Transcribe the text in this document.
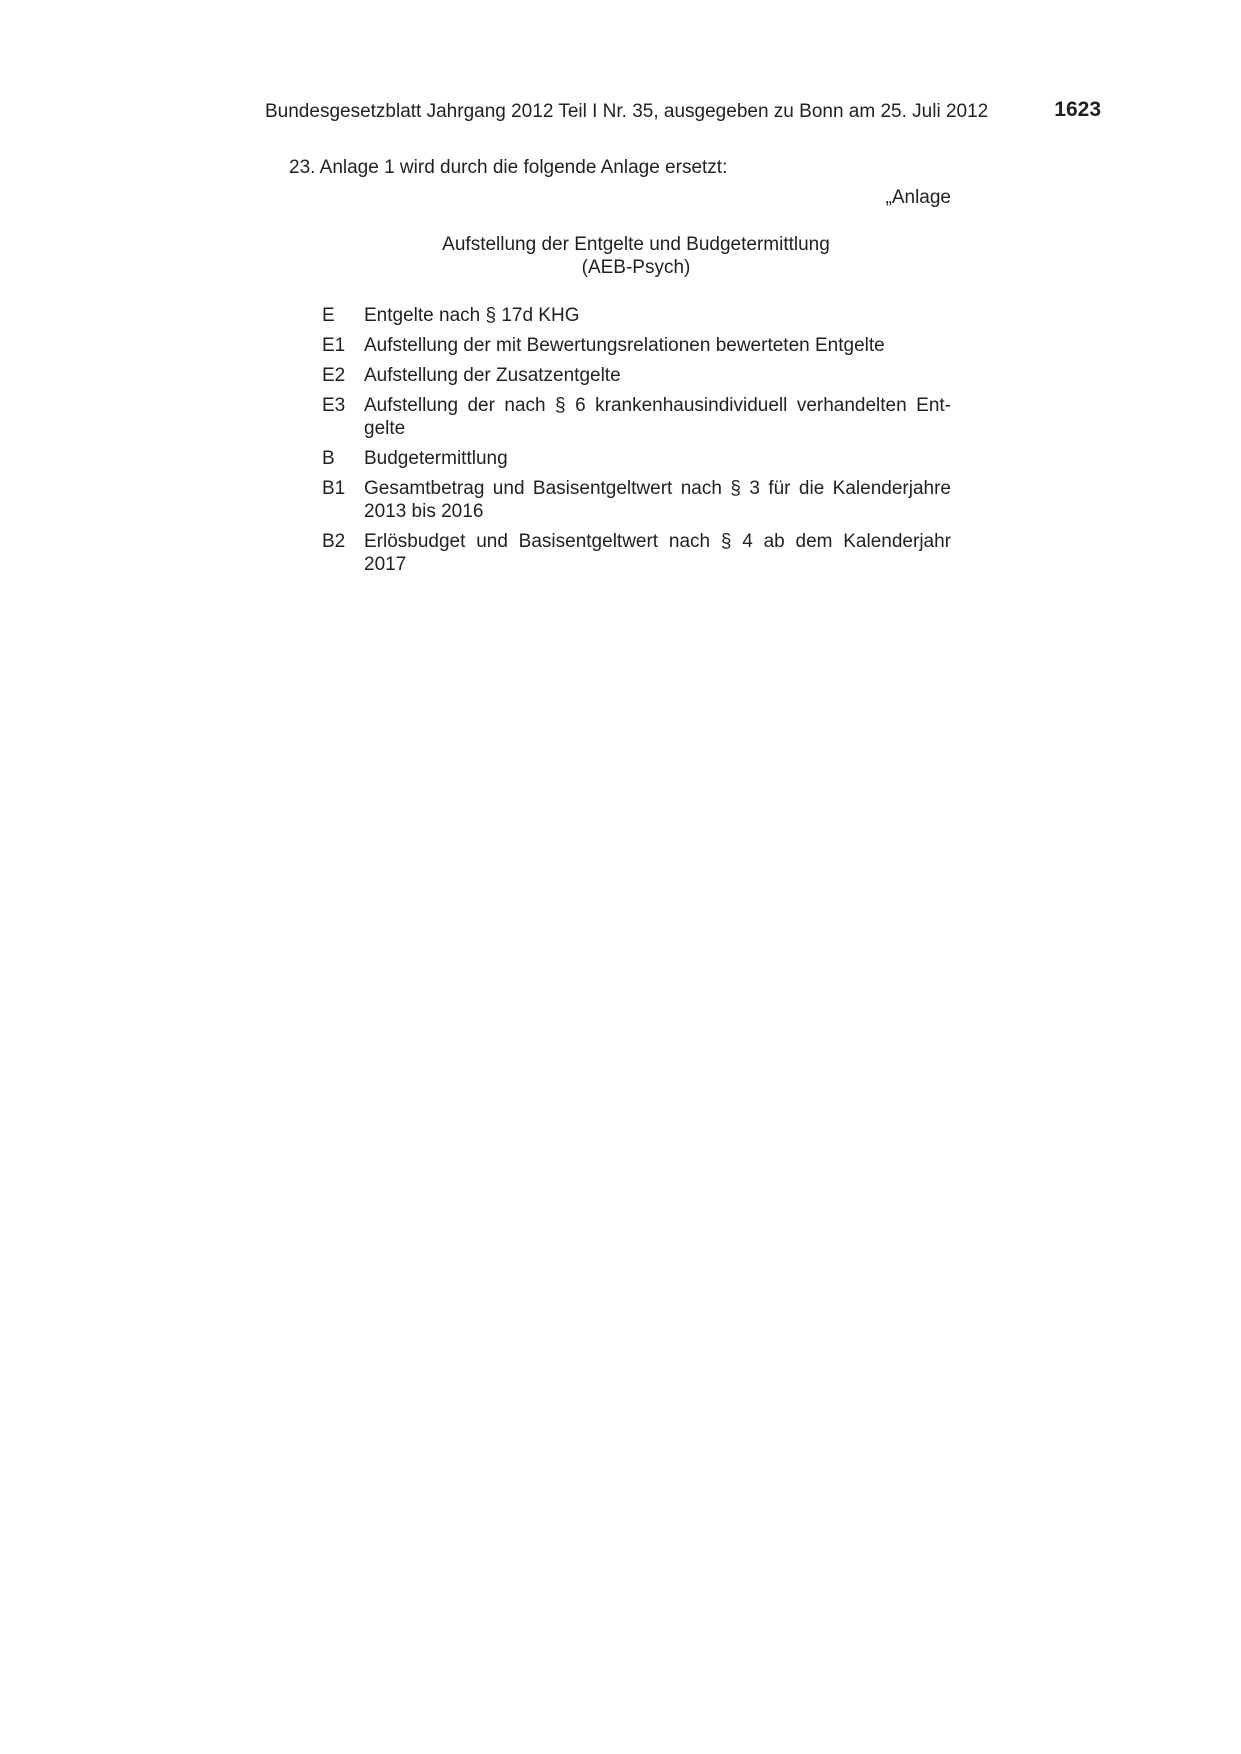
Bundesgesetzblatt Jahrgang 2012 Teil I Nr. 35, ausgegeben zu Bonn am 25. Juli 2012	1623
23. Anlage 1 wird durch die folgende Anlage ersetzt:
„Anlage
Aufstellung der Entgelte und Budgetermittlung
(AEB-Psych)
E	Entgelte nach § 17d KHG
E1 Aufstellung der mit Bewertungsrelationen bewerteten Entgelte
E2 Aufstellung der Zusatzentgelte
E3 Aufstellung der nach § 6 krankenhausindividuell verhandelten Ent-gelte
B	Budgetermittlung
B1 Gesamtbetrag und Basisentgeltwert nach § 3 für die Kalenderjahre 2013 bis 2016
B2 Erlösbudget und Basisentgeltwert nach § 4 ab dem Kalenderjahr 2017
